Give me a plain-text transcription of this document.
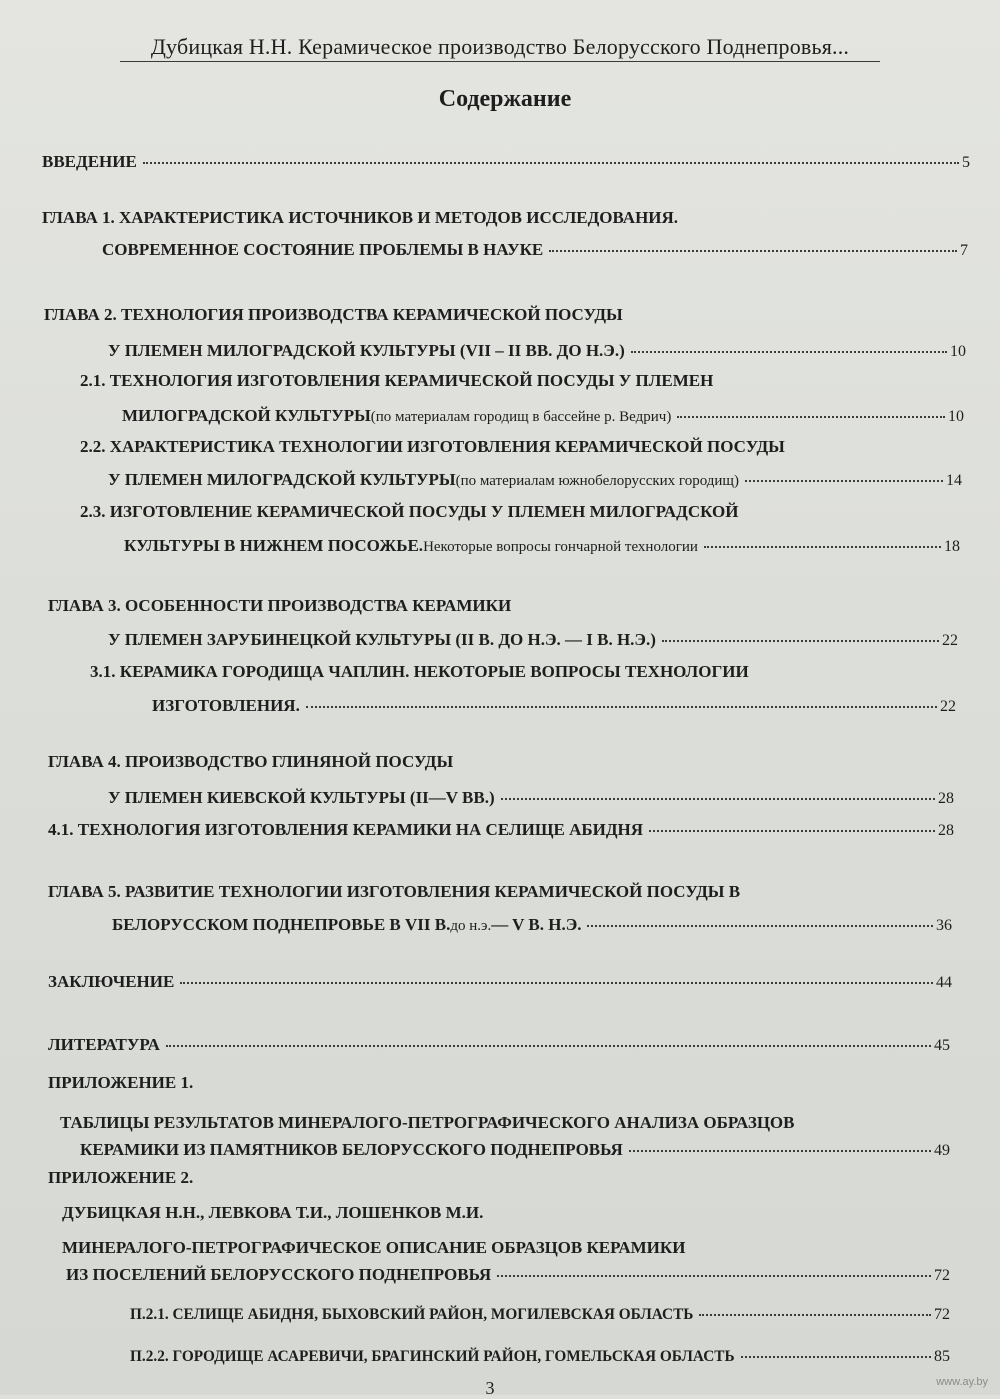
Дубицкая Н.Н. Керамическое производство Белорусского Поднепровья...
Содержание
ВВЕДЕНИЕ	5
ГЛАВА 1. ХАРАКТЕРИСТИКА ИСТОЧНИКОВ И МЕТОДОВ ИССЛЕДОВАНИЯ.
СОВРЕМЕННОЕ СОСТОЯНИЕ ПРОБЛЕМЫ В НАУКЕ	7
ГЛАВА 2. ТЕХНОЛОГИЯ ПРОИЗВОДСТВА КЕРАМИЧЕСКОЙ ПОСУДЫ
У ПЛЕМЕН МИЛОГРАДСКОЙ КУЛЬТУРЫ (VII – II ВВ. ДО Н.Э.)	10
2.1. ТЕХНОЛОГИЯ ИЗГОТОВЛЕНИЯ КЕРАМИЧЕСКОЙ ПОСУДЫ У ПЛЕМЕН
МИЛОГРАДСКОЙ КУЛЬТУРЫ (по материалам городищ в бассейне р. Ведрич)	10
2.2. ХАРАКТЕРИСТИКА ТЕХНОЛОГИИ ИЗГОТОВЛЕНИЯ КЕРАМИЧЕСКОЙ ПОСУДЫ
У ПЛЕМЕН МИЛОГРАДСКОЙ КУЛЬТУРЫ (по материалам южнобелорусских городищ)	14
2.3. ИЗГОТОВЛЕНИЕ КЕРАМИЧЕСКОЙ ПОСУДЫ У ПЛЕМЕН МИЛОГРАДСКОЙ
КУЛЬТУРЫ В НИЖНЕМ ПОСОЖЬЕ. Некоторые вопросы гончарной технологии	18
ГЛАВА 3. ОСОБЕННОСТИ ПРОИЗВОДСТВА КЕРАМИКИ
У ПЛЕМЕН ЗАРУБИНЕЦКОЙ КУЛЬТУРЫ (II В. ДО Н.Э. — I В. Н.Э.)	22
3.1. КЕРАМИКА ГОРОДИЩА ЧАПЛИН. НЕКОТОРЫЕ ВОПРОСЫ ТЕХНОЛОГИИ
ИЗГОТОВЛЕНИЯ.	22
ГЛАВА 4. ПРОИЗВОДСТВО ГЛИНЯНОЙ ПОСУДЫ
У ПЛЕМЕН КИЕВСКОЙ КУЛЬТУРЫ (II—V ВВ.)	28
4.1. ТЕХНОЛОГИЯ ИЗГОТОВЛЕНИЯ КЕРАМИКИ НА СЕЛИЩЕ АБИДНЯ	28
ГЛАВА 5. РАЗВИТИЕ ТЕХНОЛОГИИ ИЗГОТОВЛЕНИЯ КЕРАМИЧЕСКОЙ ПОСУДЫ В
БЕЛОРУССКОМ ПОДНЕПРОВЬЕ В VII В. до н.э. — V В. Н.Э.	36
ЗАКЛЮЧЕНИЕ	44
ЛИТЕРАТУРА	45
ПРИЛОЖЕНИЕ 1.
ТАБЛИЦЫ РЕЗУЛЬТАТОВ МИНЕРАЛОГО-ПЕТРОГРАФИЧЕСКОГО АНАЛИЗА ОБРАЗЦОВ
КЕРАМИКИ ИЗ ПАМЯТНИКОВ БЕЛОРУССКОГО ПОДНЕПРОВЬЯ	49
ПРИЛОЖЕНИЕ 2.
ДУБИЦКАЯ Н.Н., ЛЕВКОВА Т.И., ЛОШЕНКОВ М.И.
МИНЕРАЛОГО-ПЕТРОГРАФИЧЕСКОЕ ОПИСАНИЕ ОБРАЗЦОВ КЕРАМИКИ
ИЗ ПОСЕЛЕНИЙ БЕЛОРУССКОГО ПОДНЕПРОВЬЯ	72
П.2.1. СЕЛИЩЕ АБИДНЯ, БЫХОВСКИЙ РАЙОН, МОГИЛЕВСКАЯ ОБЛАСТЬ	72
П.2.2. ГОРОДИЩЕ АСАРЕВИЧИ, БРАГИНСКИЙ РАЙОН, ГОМЕЛЬСКАЯ ОБЛАСТЬ	85
3	www.ay.by
